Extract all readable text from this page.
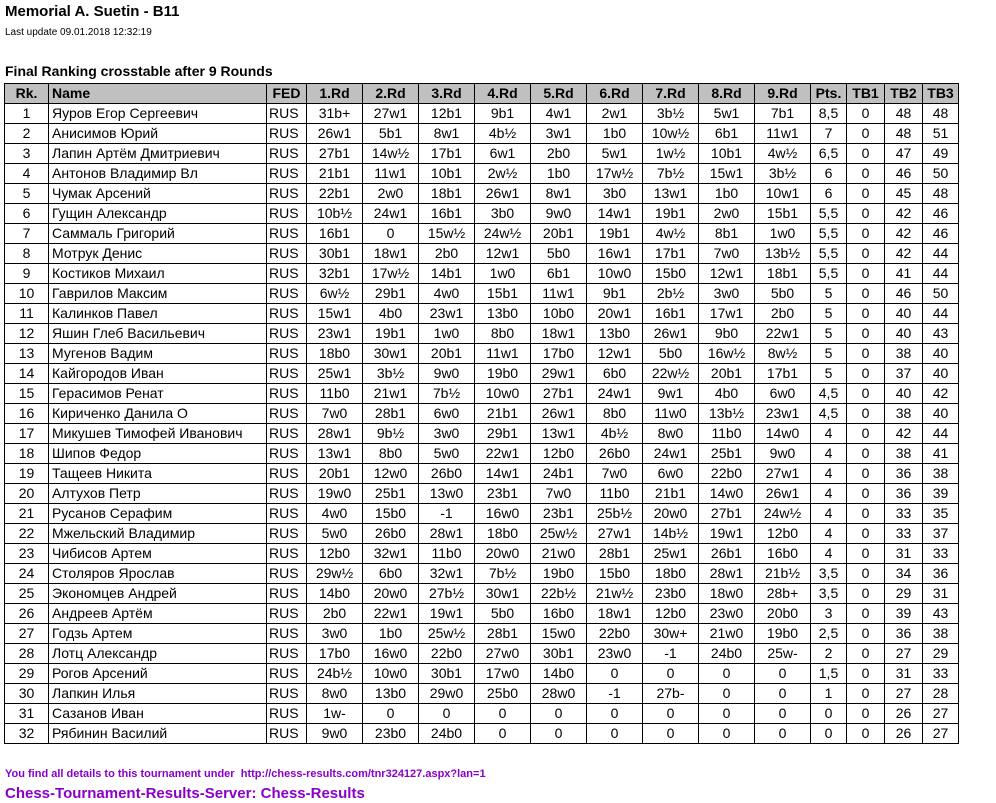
Memorial A. Suetin - B11
Last update 09.01.2018 12:32:19
Final Ranking crosstable after 9 Rounds
Rk.	Name	FED	1.Rd	2.Rd	3.Rd	4.Rd	5.Rd	6.Rd	7.Rd	8.Rd	9.Rd	Pts.	TB1	TB2	TB3
1	Яуров Егор Сергеевич	RUS	31b+	27w1	12b1	9b1	4w1	2w1	3b½	5w1	7b1	8,5	0	48	48
2	Анисимов Юрий	RUS	26w1	5b1	8w1	4b½	3w1	1b0	10w½	6b1	11w1	7	0	48	51
3	Лапин Артём Дмитриевич	RUS	27b1	14w½	17b1	6w1	2b0	5w1	1w½	10b1	4w½	6,5	0	47	49
4	Антонов Владимир Вл	RUS	21b1	11w1	10b1	2w½	1b0	17w½	7b½	15w1	3b½	6	0	46	50
5	Чумак Арсений	RUS	22b1	2w0	18b1	26w1	8w1	3b0	13w1	1b0	10w1	6	0	45	48
6	Гущин Александр	RUS	10b½	24w1	16b1	3b0	9w0	14w1	19b1	2w0	15b1	5,5	0	42	46
7	Саммаль Григорий	RUS	16b1	0	15w½	24w½	20b1	19b1	4w½	8b1	1w0	5,5	0	42	46
8	Мотрук Денис	RUS	30b1	18w1	2b0	12w1	5b0	16w1	17b1	7w0	13b½	5,5	0	42	44
9	Костиков Михаил	RUS	32b1	17w½	14b1	1w0	6b1	10w0	15b0	12w1	18b1	5,5	0	41	44
10	Гаврилов Максим	RUS	6w½	29b1	4w0	15b1	11w1	9b1	2b½	3w0	5b0	5	0	46	50
11	Калинков Павел	RUS	15w1	4b0	23w1	13b0	10b0	20w1	16b1	17w1	2b0	5	0	40	44
12	Яшин Глеб Васильевич	RUS	23w1	19b1	1w0	8b0	18w1	13b0	26w1	9b0	22w1	5	0	40	43
13	Мугенов Вадим	RUS	18b0	30w1	20b1	11w1	17b0	12w1	5b0	16w½	8w½	5	0	38	40
14	Кайгородов Иван	RUS	25w1	3b½	9w0	19b0	29w1	6b0	22w½	20b1	17b1	5	0	37	40
15	Герасимов Ренат	RUS	11b0	21w1	7b½	10w0	27b1	24w1	9w1	4b0	6w0	4,5	0	40	42
16	Кириченко Данила О	RUS	7w0	28b1	6w0	21b1	26w1	8b0	11w0	13b½	23w1	4,5	0	38	40
17	Микушев Тимофей Иванович	RUS	28w1	9b½	3w0	29b1	13w1	4b½	8w0	11b0	14w0	4	0	42	44
18	Шипов Федор	RUS	13w1	8b0	5w0	22w1	12b0	26b0	24w1	25b1	9w0	4	0	38	41
19	Тащеев Никита	RUS	20b1	12w0	26b0	14w1	24b1	7w0	6w0	22b0	27w1	4	0	36	38
20	Алтухов Петр	RUS	19w0	25b1	13w0	23b1	7w0	11b0	21b1	14w0	26w1	4	0	36	39
21	Русанов Серафим	RUS	4w0	15b0	-1	16w0	23b1	25b½	20w0	27b1	24w½	4	0	33	35
22	Мжельский Владимир	RUS	5w0	26b0	28w1	18b0	25w½	27w1	14b½	19w1	12b0	4	0	33	37
23	Чибисов Артем	RUS	12b0	32w1	11b0	20w0	21w0	28b1	25w1	26b1	16b0	4	0	31	33
24	Столяров Ярослав	RUS	29w½	6b0	32w1	7b½	19b0	15b0	18b0	28w1	21b½	3,5	0	34	36
25	Экономцев Андрей	RUS	14b0	20w0	27b½	30w1	22b½	21w½	23b0	18w0	28b+	3,5	0	29	31
26	Андреев Артём	RUS	2b0	22w1	19w1	5b0	16b0	18w1	12b0	23w0	20b0	3	0	39	43
27	Годзь Артем	RUS	3w0	1b0	25w½	28b1	15w0	22b0	30w+	21w0	19b0	2,5	0	36	38
28	Лотц Александр	RUS	17b0	16w0	22b0	27w0	30b1	23w0	-1	24b0	25w-	2	0	27	29
29	Рогов Арсений	RUS	24b½	10w0	30b1	17w0	14b0	0	0	0	0	1,5	0	31	33
30	Лапкин Илья	RUS	8w0	13b0	29w0	25b0	28w0	-1	27b-	0	0	1	0	27	28
31	Сазанов Иван	RUS	1w-	0	0	0	0	0	0	0	0	0	0	26	27
32	Рябинин Василий	RUS	9w0	23b0	24b0	0	0	0	0	0	0	0	0	26	27
You find all details to this tournament under http://chess-results.com/tnr324127.aspx?lan=1
Chess-Tournament-Results-Server: Chess-Results
